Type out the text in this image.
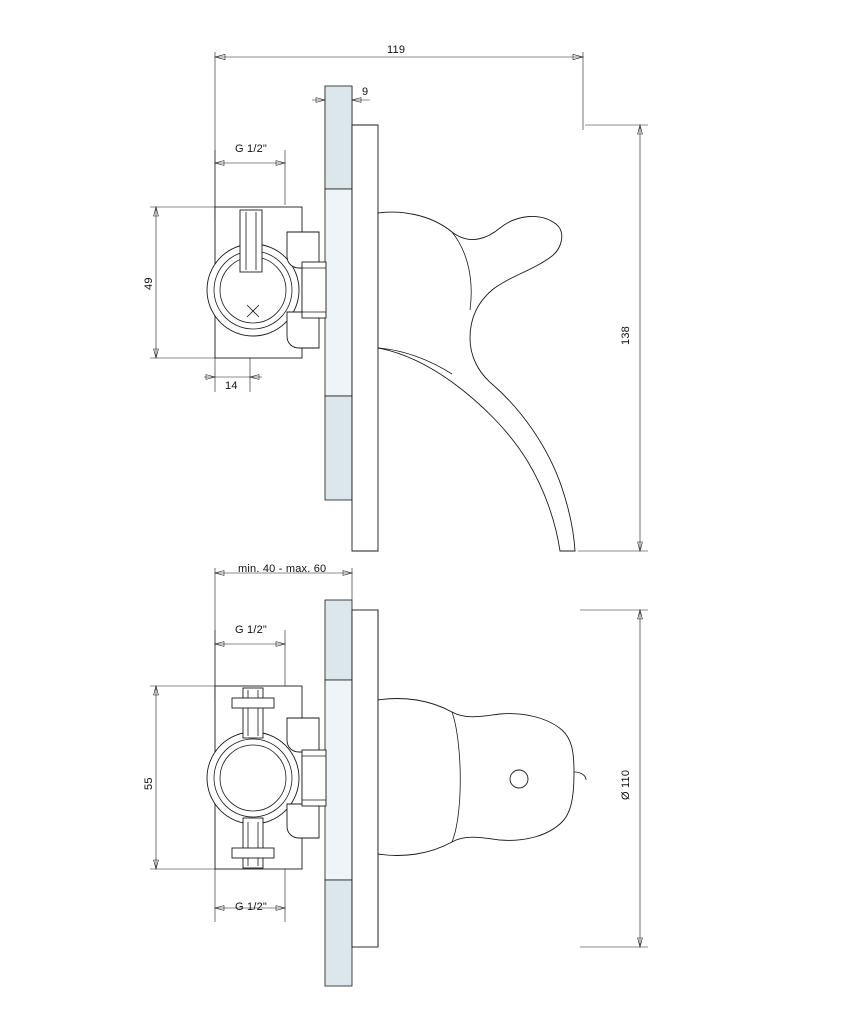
119
9
G 1/2"
49
14
138
min. 40 - max. 60
G 1/2"
55
G 1/2"
Ø 110
